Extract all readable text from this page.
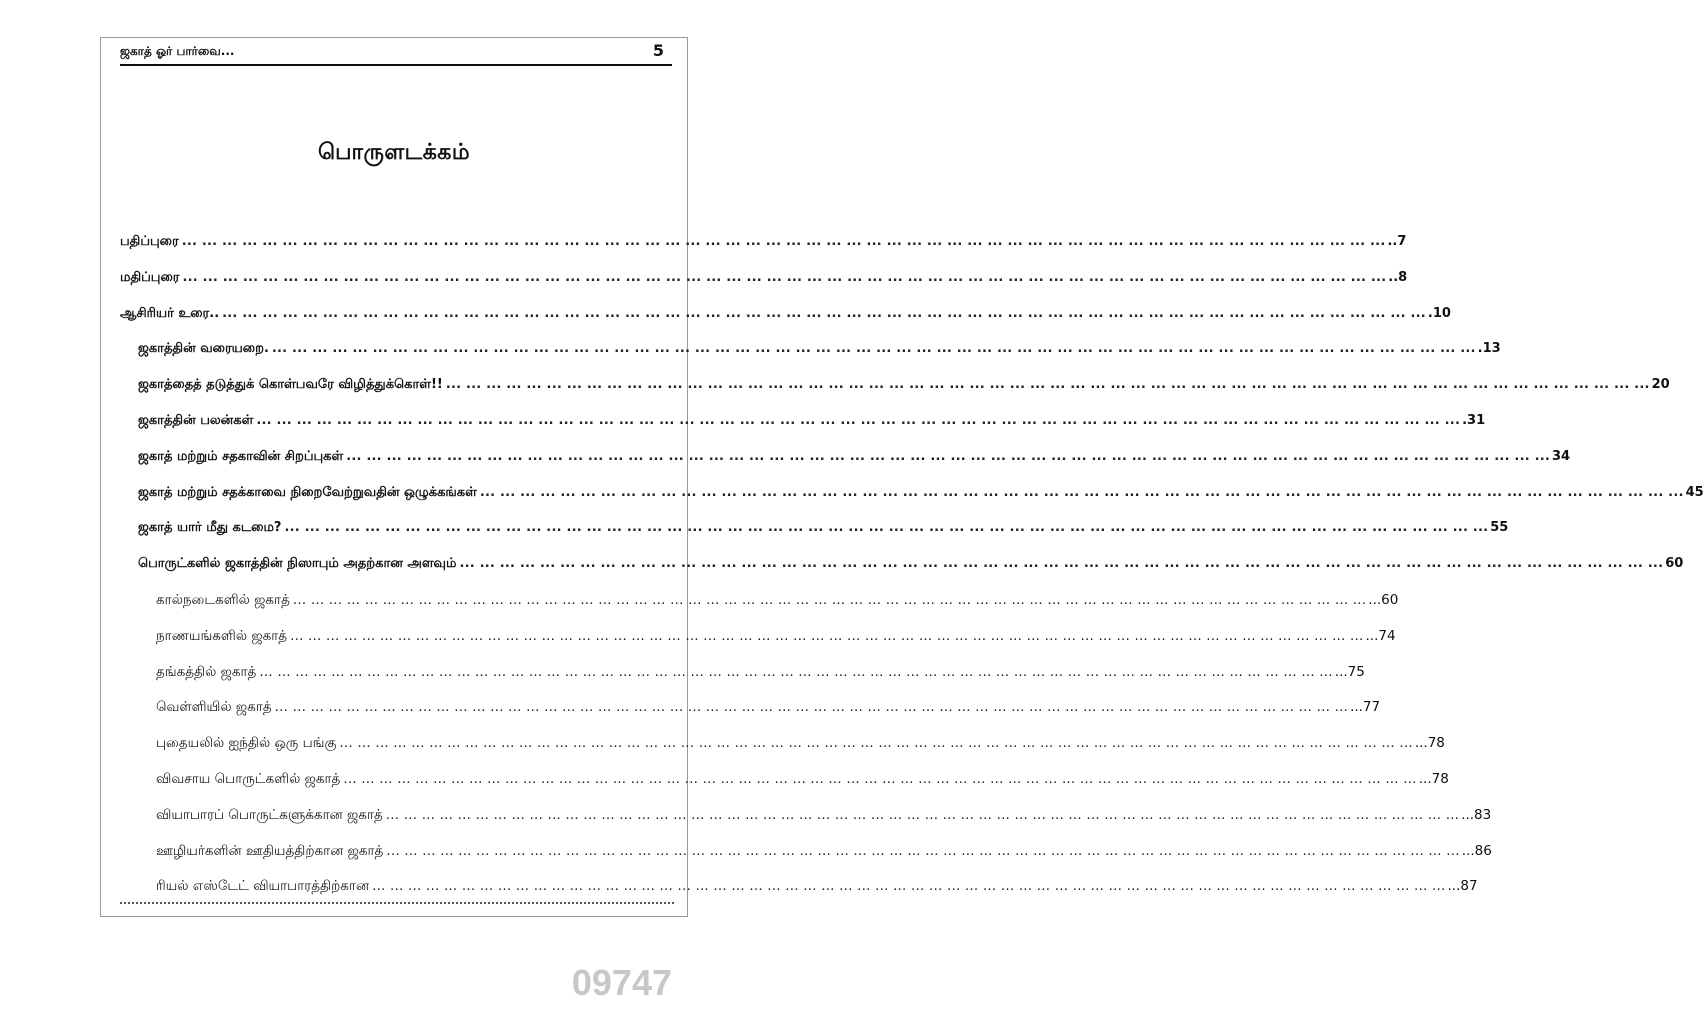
ஜகாத் ஓர் பார்வை...	5
பொருளடக்கம்
பதிப்புரை ... ... ... ... ... ... ... ... ... ... ... ... ... ... ... ... ... ... ... ... ... ... ... ... ... ... ... ... ... ... ... ... ... ... ... ... ... ... ... ... ... ... ... ... ... ... ... ... ... ... ... ... ... ... ... ... ... ... ... ... ..7
மதிப்புரை ... ... ... ... ... ... ... ... ... ... ... ... ... ... ... ... ... ... ... ... ... ... ... ... ... ... ... ... ... ... ... ... ... ... ... ... ... ... ... ... ... ... ... ... ... ... ... ... ... ... ... ... ... ... ... ... ... ... ... ... ..8
ஆசிரியர் உரை.. ... ... ... ... ... ... ... ... ... ... ... ... ... ... ... ... ... ... ... ... ... ... ... ... ... ... ... ... ... ... ... ... ... ... ... ... ... ... ... ... ... ... ... ... ... ... ... ... ... ... ... ... ... ... ... ... ... ... ... ... .10
ஜகாத்தின் வரையறை. ... ... ... ... ... ... ... ... ... ... ... ... ... ... ... ... ... ... ... ... ... ... ... ... ... ... ... ... ... ... ... ... ... ... ... ... ... ... ... ... ... ... ... ... ... ... ... ... ... ... ... ... ... ... ... ... ... ... ... ... .13
ஜகாத்தைத் தடுத்துக் கொள்பவரே விழித்துக்கொள்!! ... ... ... ... ... ... ... ... ... ... ... ... ... ... ... ... ... ... ... ... ... ... ... ... ... ... ... ... ... ... ... ... ... ... ... ... ... ... ... ... ... ... ... ... ... ... ... ... ... ... ... ... ... ... ... ... ... ... ... ... 20
ஜகாத்தின் பலன்கள் ... ... ... ... ... ... ... ... ... ... ... ... ... ... ... ... ... ... ... ... ... ... ... ... ... ... ... ... ... ... ... ... ... ... ... ... ... ... ... ... ... ... ... ... ... ... ... ... ... ... ... ... ... ... ... ... ... ... ... ... .31
ஜகாத் மற்றும் சதகாவின் சிறப்புகள் ... ... ... ... ... ... ... ... ... ... ... ... ... ... ... ... ... ... ... ... ... ... ... ... ... ... ... ... ... ... ... ... ... ... ... ... ... ... ... ... ... ... ... ... ... ... ... ... ... ... ... ... ... ... ... ... ... ... ... ... 34
ஜகாத் மற்றும் சதக்காவை நிறைவேற்றுவதின் ஒழுக்கங்கள் ... ... ... ... ... ... ... ... ... ... ... ... ... ... ... ... ... ... ... ... ... ... ... ... ... ... ... ... ... ... ... ... ... ... ... ... ... ... ... ... ... ... ... ... ... ... ... ... ... ... ... ... ... ... ... ... ... ... ... ... 45
ஜகாத் யார் மீது கடமை? ... ... ... ... ... ... ... ... ... ... ... ... ... ... ... ... ... ... ... ... ... ... ... ... ... ... ... ... ... ... ... ... ... ... ... ... ... ... ... ... ... ... ... ... ... ... ... ... ... ... ... ... ... ... ... ... ... ... ... ... 55
பொருட்களில் ஜகாத்தின் நிஸாபும் அதற்கான அளவும் ... ... ... ... ... ... ... ... ... ... ... ... ... ... ... ... ... ... ... ... ... ... ... ... ... ... ... ... ... ... ... ... ... ... ... ... ... ... ... ... ... ... ... ... ... ... ... ... ... ... ... ... ... ... ... ... ... ... ... ... 60
கால்நடைகளில் ஜகாத் ... ... ... ... ... ... ... ... ... ... ... ... ... ... ... ... ... ... ... ... ... ... ... ... ... ... ... ... ... ... ... ... ... ... ... ... ... ... ... ... ... ... ... ... ... ... ... ... ... ... ... ... ... ... ... ... ... ... ... ... ...60
நாணயங்களில் ஜகாத் ... ... ... ... ... ... ... ... ... ... ... ... ... ... ... ... ... ... ... ... ... ... ... ... ... ... ... ... ... ... ... ... ... ... ... ... ... ... ... ... ... ... ... ... ... ... ... ... ... ... ... ... ... ... ... ... ... ... ... ... ...74
தங்கத்தில் ஜகாத் ... ... ... ... ... ... ... ... ... ... ... ... ... ... ... ... ... ... ... ... ... ... ... ... ... ... ... ... ... ... ... ... ... ... ... ... ... ... ... ... ... ... ... ... ... ... ... ... ... ... ... ... ... ... ... ... ... ... ... ... ...75
வெள்ளியில் ஜகாத் ... ... ... ... ... ... ... ... ... ... ... ... ... ... ... ... ... ... ... ... ... ... ... ... ... ... ... ... ... ... ... ... ... ... ... ... ... ... ... ... ... ... ... ... ... ... ... ... ... ... ... ... ... ... ... ... ... ... ... ... ...77
புதையலில் ஐந்தில் ஒரு பங்கு ... ... ... ... ... ... ... ... ... ... ... ... ... ... ... ... ... ... ... ... ... ... ... ... ... ... ... ... ... ... ... ... ... ... ... ... ... ... ... ... ... ... ... ... ... ... ... ... ... ... ... ... ... ... ... ... ... ... ... ... ...78
விவசாய பொருட்களில் ஜகாத் ... ... ... ... ... ... ... ... ... ... ... ... ... ... ... ... ... ... ... ... ... ... ... ... ... ... ... ... ... ... ... ... ... ... ... ... ... ... ... ... ... ... ... ... ... ... ... ... ... ... ... ... ... ... ... ... ... ... ... ... ...78
வியாபாரப் பொருட்களுக்கான ஜகாத் ... ... ... ... ... ... ... ... ... ... ... ... ... ... ... ... ... ... ... ... ... ... ... ... ... ... ... ... ... ... ... ... ... ... ... ... ... ... ... ... ... ... ... ... ... ... ... ... ... ... ... ... ... ... ... ... ... ... ... ... ...83
ஊழியர்களின் ஊதியத்திற்கான ஜகாத் ... ... ... ... ... ... ... ... ... ... ... ... ... ... ... ... ... ... ... ... ... ... ... ... ... ... ... ... ... ... ... ... ... ... ... ... ... ... ... ... ... ... ... ... ... ... ... ... ... ... ... ... ... ... ... ... ... ... ... ... ...86
ரியல் எஸ்டேட் வியாபாரத்திற்கான ... ... ... ... ... ... ... ... ... ... ... ... ... ... ... ... ... ... ... ... ... ... ... ... ... ... ... ... ... ... ... ... ... ... ... ... ... ... ... ... ... ... ... ... ... ... ... ... ... ... ... ... ... ... ... ... ... ... ... ... ...87
09747
